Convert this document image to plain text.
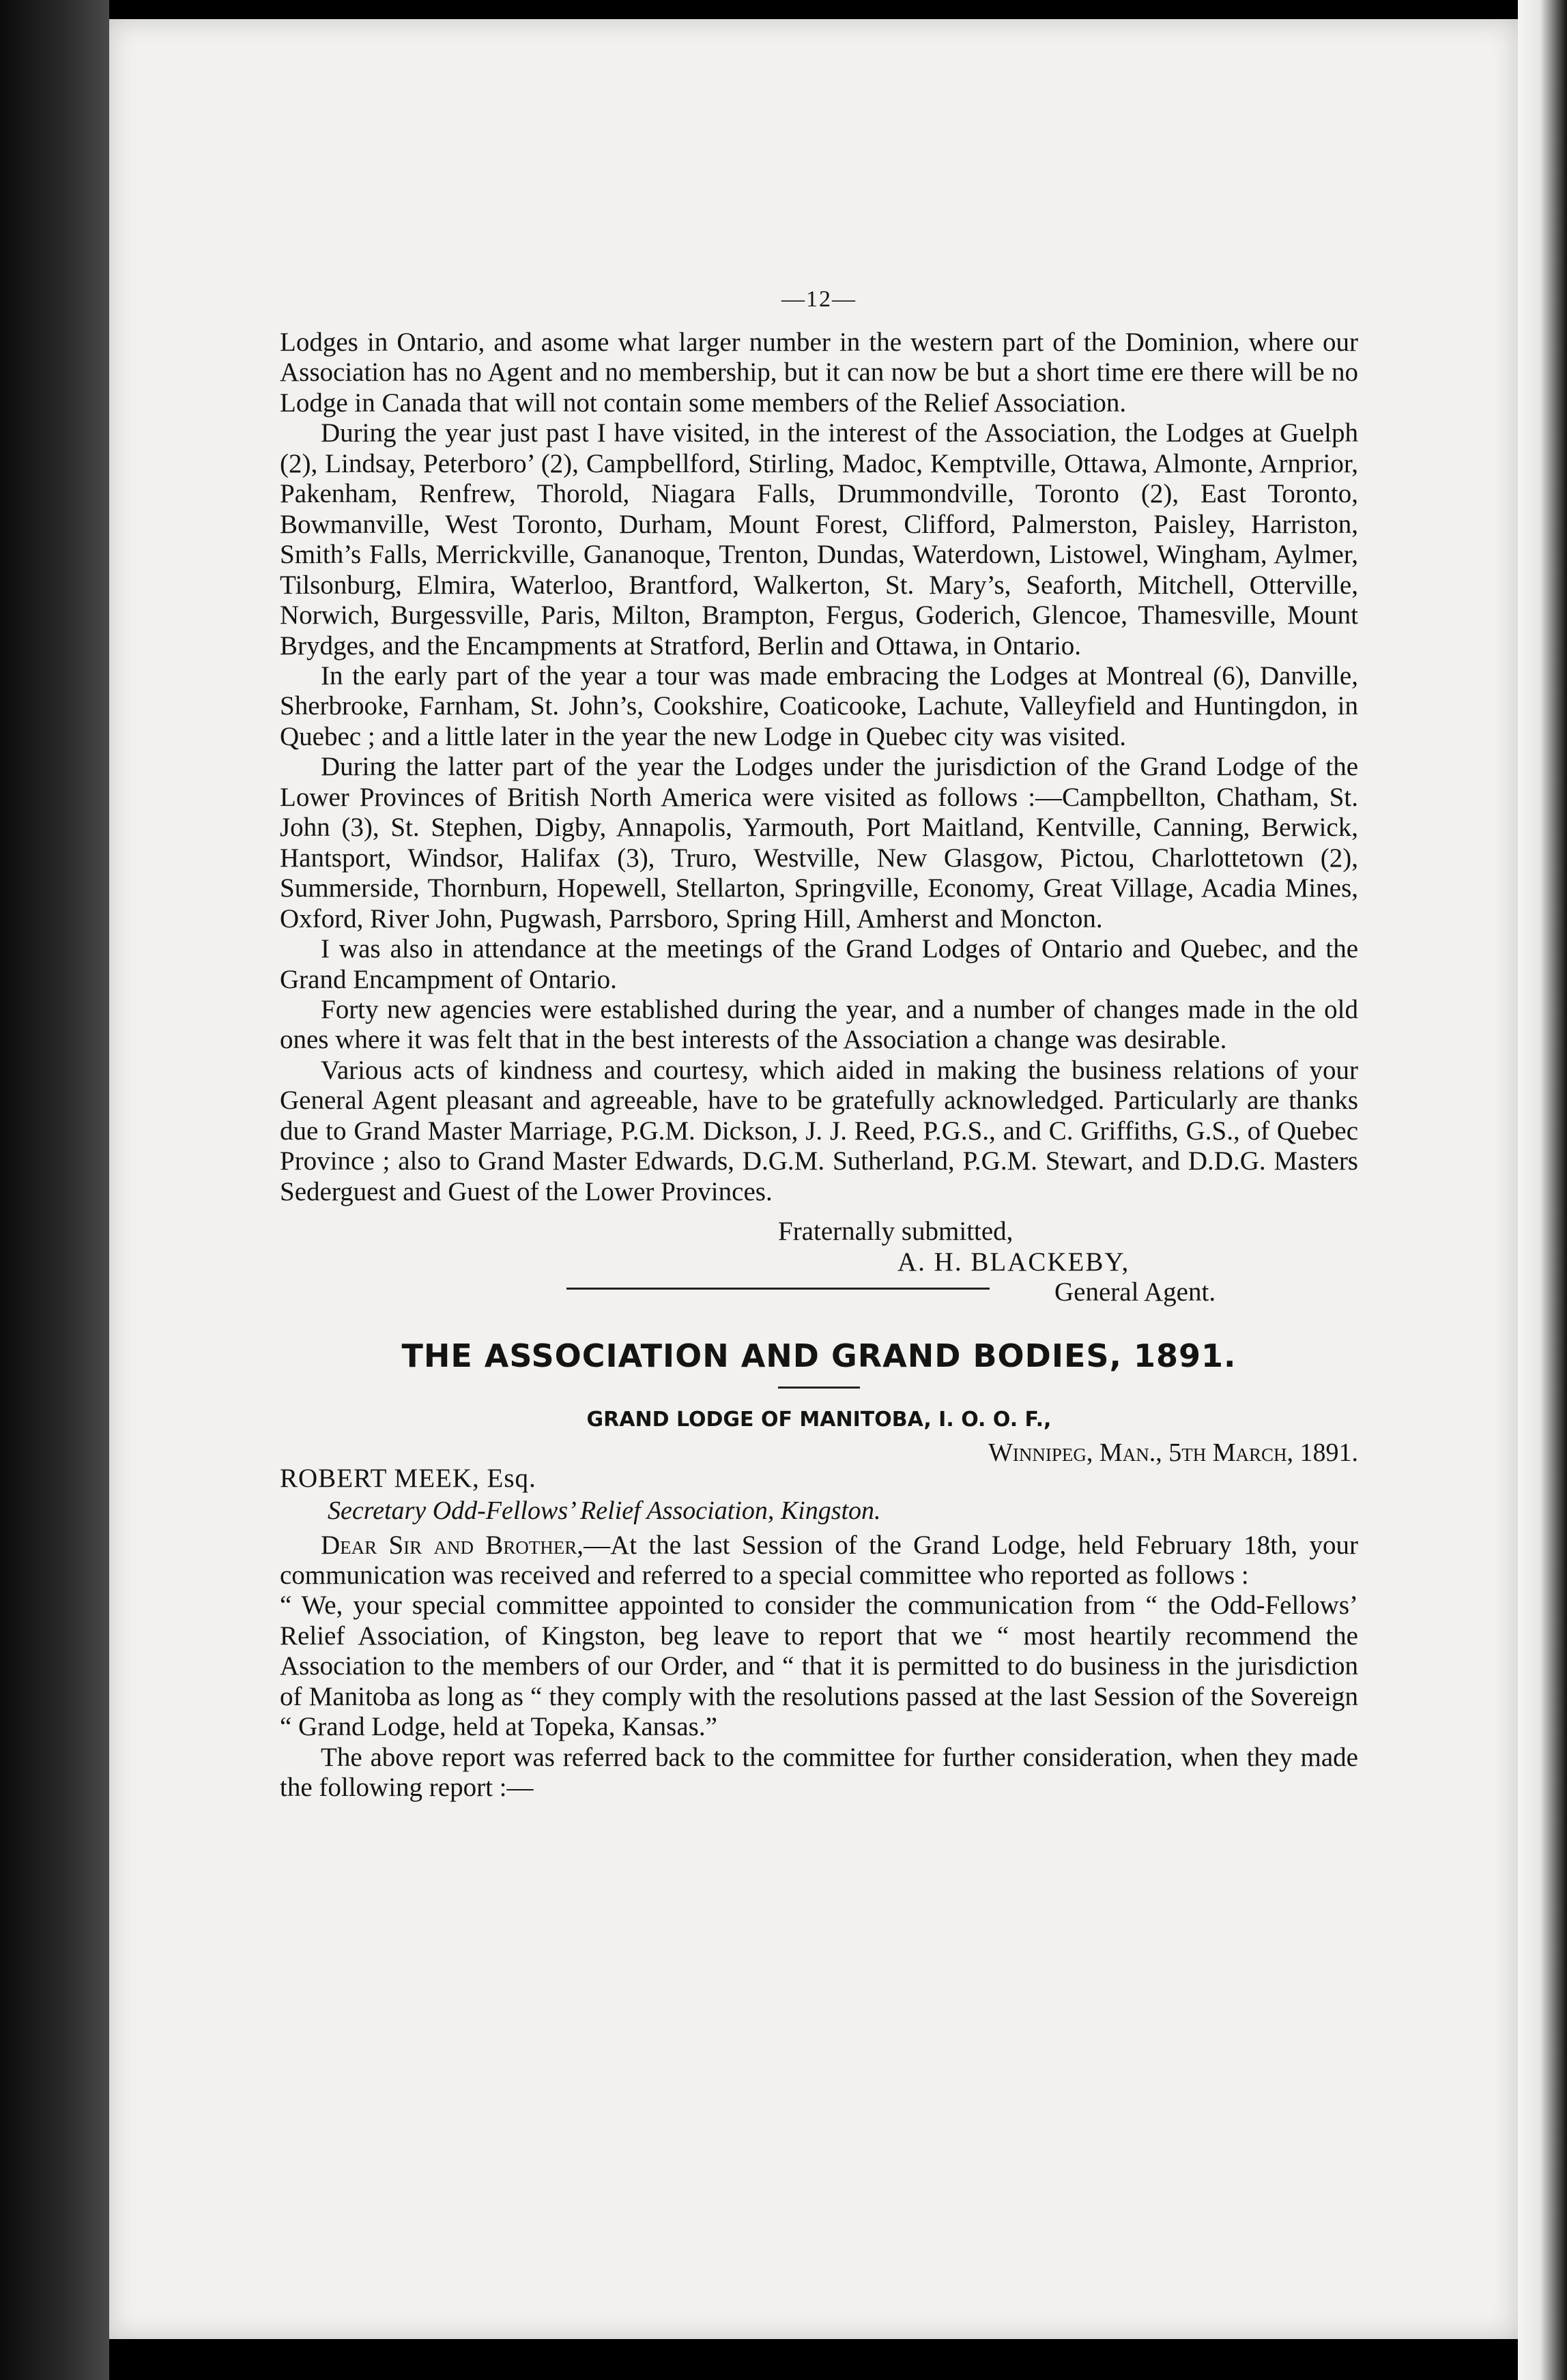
—12—

Lodges in Ontario, and asome what larger number in the western part of the Dominion, where our Association has no Agent and no membership, but it can now be but a short time ere there will be no Lodge in Canada that will not contain some members of the Relief Association.

During the year just past I have visited, in the interest of the Association, the Lodges at Guelph (2), Lindsay, Peterboro’ (2), Campbellford, Stirling, Madoc, Kemptville, Ottawa, Almonte, Arnprior, Pakenham, Renfrew, Thorold, Niagara Falls, Drummondville, Toronto (2), East Toronto, Bowmanville, West Toronto, Durham, Mount Forest, Clifford, Palmerston, Paisley, Harriston, Smith’s Falls, Merrickville, Gananoque, Trenton, Dundas, Waterdown, Listowel, Wingham, Aylmer, Tilsonburg, Elmira, Waterloo, Brantford, Walkerton, St. Mary’s, Seaforth, Mitchell, Otterville, Norwich, Burgessville, Paris, Milton, Brampton, Fergus, Goderich, Glencoe, Thamesville, Mount Brydges, and the Encampments at Stratford, Berlin and Ottawa, in Ontario.

In the early part of the year a tour was made embracing the Lodges at Montreal (6), Danville, Sherbrooke, Farnham, St. John’s, Cookshire, Coaticooke, Lachute, Valleyfield and Huntingdon, in Quebec ; and a little later in the year the new Lodge in Quebec city was visited.

During the latter part of the year the Lodges under the jurisdiction of the Grand Lodge of the Lower Provinces of British North America were visited as follows :—Campbellton, Chatham, St. John (3), St. Stephen, Digby, Annapolis, Yarmouth, Port Maitland, Kentville, Canning, Berwick, Hantsport, Windsor, Halifax (3), Truro, Westville, New Glasgow, Pictou, Charlottetown (2), Summerside, Thornburn, Hopewell, Stellarton, Springville, Economy, Great Village, Acadia Mines, Oxford, River John, Pugwash, Parrsboro, Spring Hill, Amherst and Moncton.

I was also in attendance at the meetings of the Grand Lodges of Ontario and Quebec, and the Grand Encampment of Ontario.

Forty new agencies were established during the year, and a number of changes made in the old ones where it was felt that in the best interests of the Association a change was desirable.

Various acts of kindness and courtesy, which aided in making the business relations of your General Agent pleasant and agreeable, have to be gratefully acknowledged. Particularly are thanks due to Grand Master Marriage, P.G.M. Dickson, J. J. Reed, P.G.S., and C. Griffiths, G.S., of Quebec Province ; also to Grand Master Edwards, D.G.M. Sutherland, P.G.M. Stewart, and D.D.G. Masters Sederguest and Guest of the Lower Provinces.

Fraternally submitted,
A. H. BLACKEBY,
General Agent.
THE ASSOCIATION AND GRAND BODIES, 1891.
GRAND LODGE OF MANITOBA, I. O. O. F.,

Winnipeg, Man., 5th March, 1891.

ROBERT MEEK, Esq.

Secretary Odd-Fellows’ Relief Association, Kingston.

Dear Sir and Brother,—At the last Session of the Grand Lodge, held February 18th, your communication was received and referred to a special committee who reported as follows :

“ We, your special committee appointed to consider the communication from “ the Odd-Fellows’ Relief Association, of Kingston, beg leave to report that we “ most heartily recommend the Association to the members of our Order, and “ that it is permitted to do business in the jurisdiction of Manitoba as long as “ they comply with the resolutions passed at the last Session of the Sovereign “ Grand Lodge, held at Topeka, Kansas.”

The above report was referred back to the committee for further consideration, when they made the following report :—
